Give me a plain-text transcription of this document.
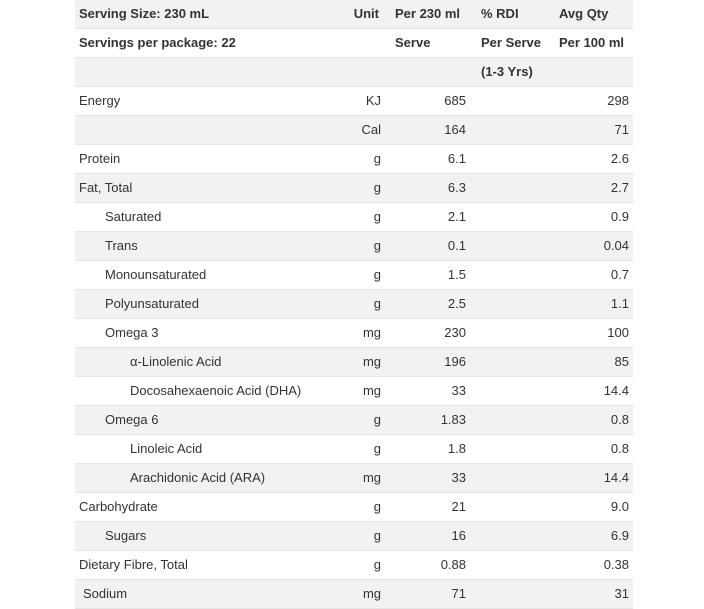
Serving Size: 230 mL	Unit	Per 230 ml	% RDI	Avg Qty
Servings per package: 22		Serve	Per Serve	Per 100 ml
			(1-3 Yrs)	
Energy	KJ	685		298
	Cal	164		71
Protein	g	6.1		2.6
Fat, Total	g	6.3		2.7
Saturated	g	2.1		0.9
Trans	g	0.1		0.04
Monounsaturated	g	1.5		0.7
Polyunsaturated	g	2.5		1.1
Omega 3	mg	230		100
α-Linolenic Acid	mg	196		85
Docosahexaenoic Acid (DHA)	mg	33		14.4
Omega 6	g	1.83		0.8
Linoleic Acid	g	1.8		0.8
Arachidonic Acid (ARA)	mg	33		14.4
Carbohydrate	g	21		9.0
Sugars	g	16		6.9
Dietary Fibre, Total	g	0.88		0.38
Sodium	mg	71		31
